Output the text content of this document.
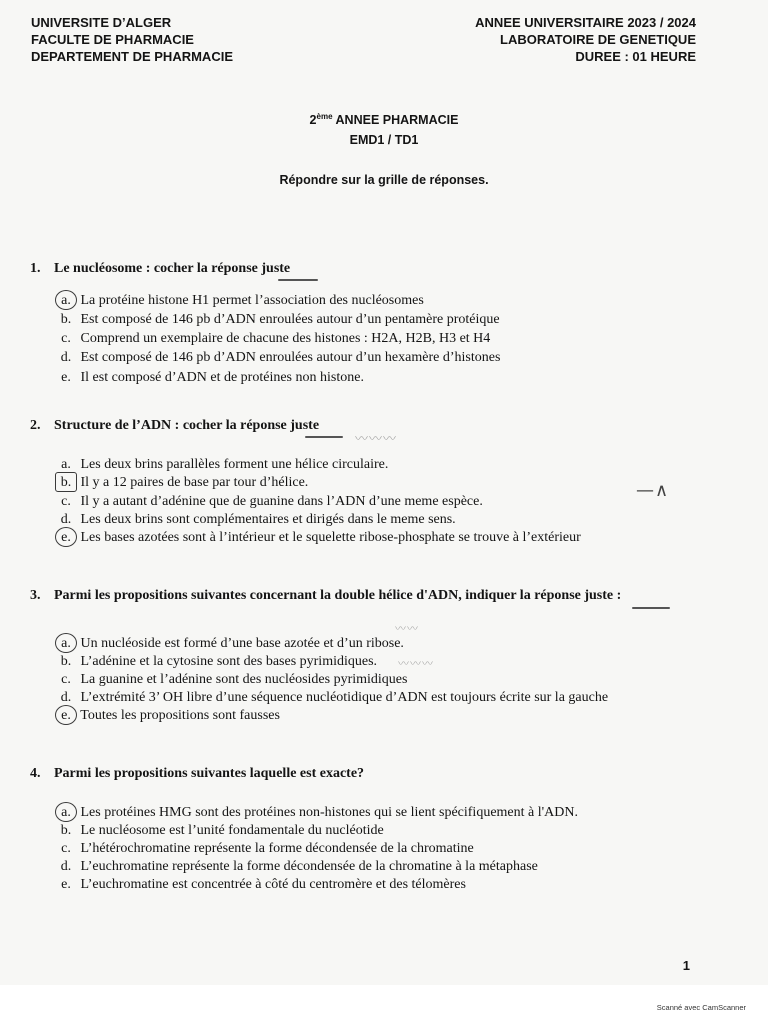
UNIVERSITE D’ALGER
FACULTE DE PHARMACIE
DEPARTEMENT DE PHARMACIE
ANNEE UNIVERSITAIRE 2023 / 2024
LABORATOIRE DE GENETIQUE
DUREE : 01 HEURE
2ème ANNEE PHARMACIE
EMD1 / TD1
Répondre sur la grille de réponses.
1. Le nucléosome : cocher la réponse juste
a. La protéine histone H1 permet l’association des nucléosomes
b. Est composé de 146 pb d’ADN enroulées autour d’un pentamère protéique
c. Comprend un exemplaire de chacune des histones : H2A, H2B, H3 et H4
d. Est composé de 146 pb d’ADN enroulées autour d’un hexamère d’histones
e. Il est composé d’ADN et de protéines non histone.
2. Structure de l’ADN : cocher la réponse juste
〰〰〰
a. Les deux brins parallèles forment une hélice circulaire.
b. Il y a 12 paires de base par tour d’hélice.
c. Il y a autant d’adénine que de guanine dans l’ADN d’une meme espèce.
d. Les deux brins sont complémentaires et dirigés dans le meme sens.
e. Les bases azotées sont à l’intérieur et le squelette ribose-phosphate se trouve à l’extérieur
—∧
3. Parmi les propositions suivantes concernant la double hélice d'ADN, indiquer la réponse juste :
a. Un nucléoside est formé d’une base azotée et d’un ribose.
b. L’adénine et la cytosine sont des bases pyrimidiques.
c. La guanine et l’adénine sont des nucléosides pyrimidiques
d. L’extrémité 3’ OH libre d’une séquence nucléotidique d’ADN est toujours écrite sur la gauche
e. Toutes les propositions sont fausses
〰〰
〰〰〰
4. Parmi les propositions suivantes laquelle est exacte?
a. Les protéines HMG sont des protéines non-histones qui se lient spécifiquement à l'ADN.
b. Le nucléosome est l’unité fondamentale du nucléotide
c. L’hétérochromatine représente la forme décondensée de la chromatine
d. L’euchromatine représente la forme décondensée de la chromatine à la métaphase
e. L’euchromatine est concentrée à côté du centromère et des télomères
1
Scanné avec CamScanner
